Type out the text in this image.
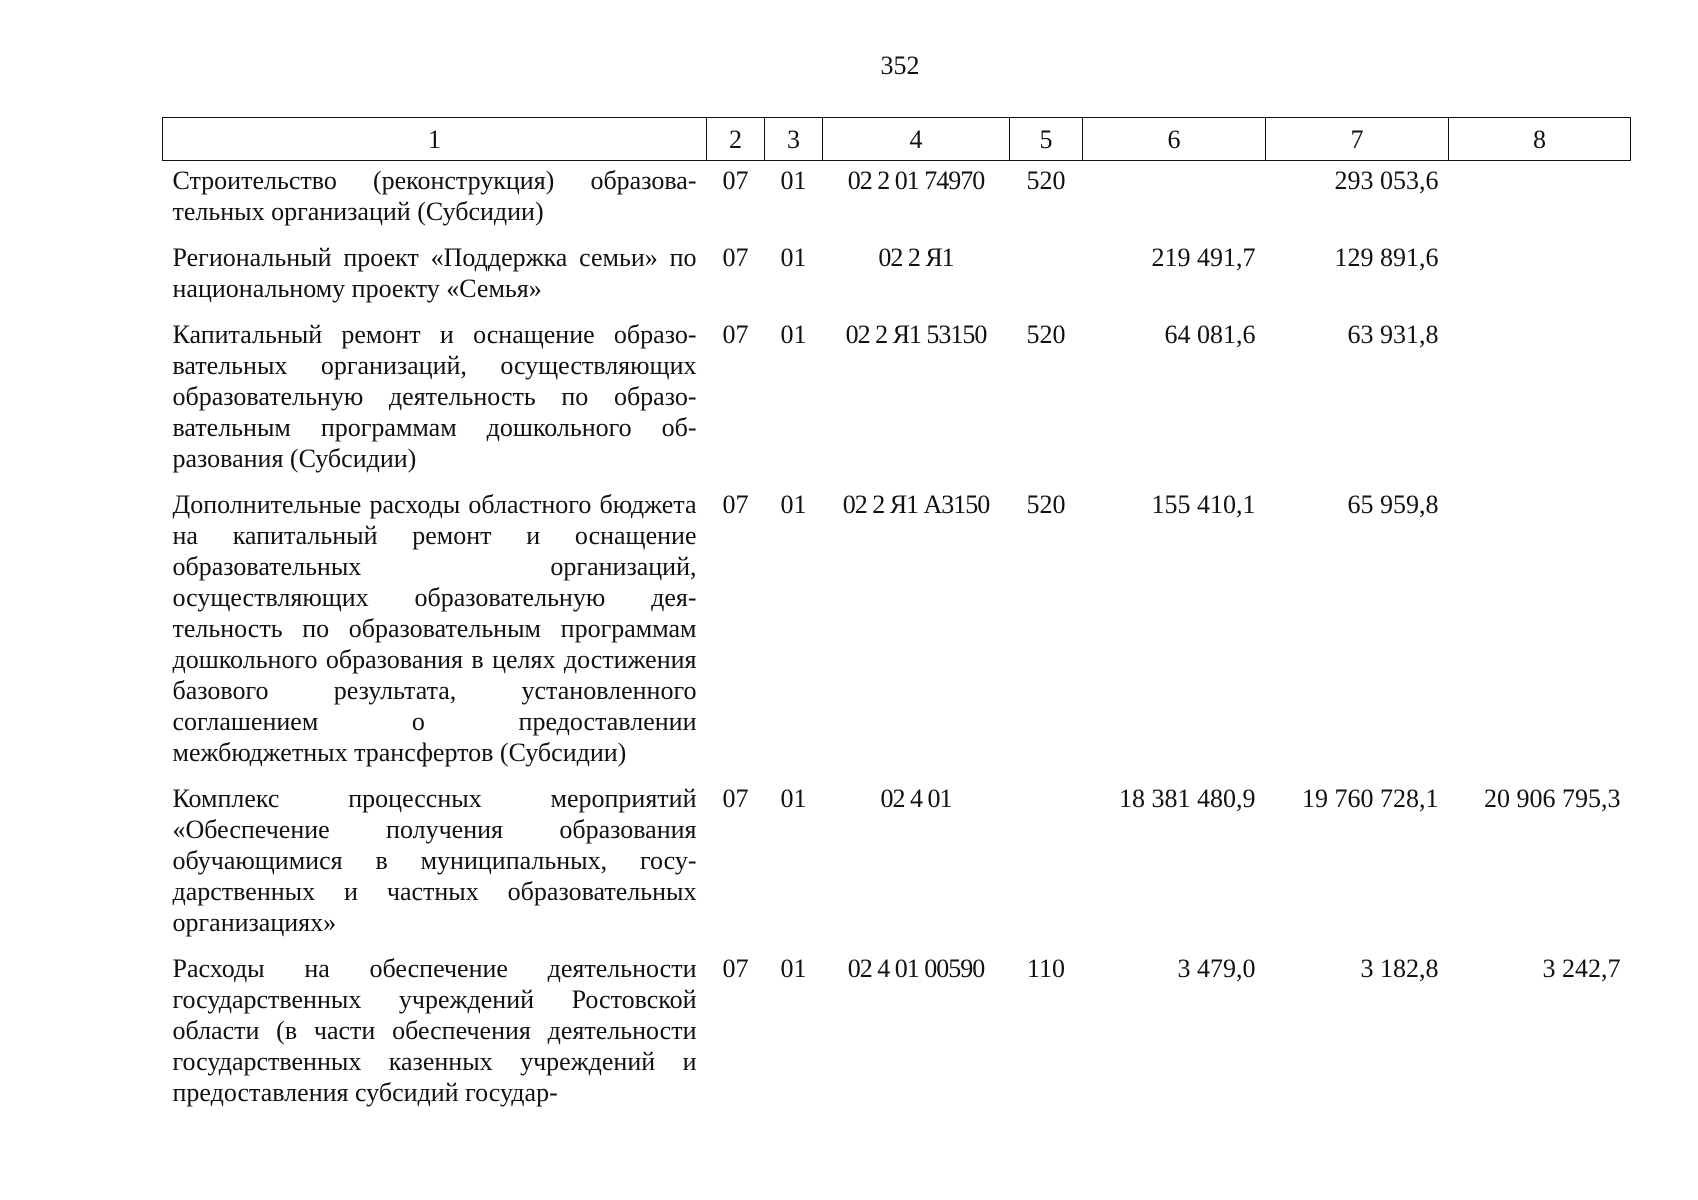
352
1	2	3	4	5	6	7	8
Строительство (реконструкция) образовательных организаций (Субсидии)	07	01	02 2 01 74970	520		293 053,6	
Региональный проект «Поддержка семьи» по национальному проекту «Семья»	07	01	02 2 Я1		219 491,7	129 891,6	
Капитальный ремонт и оснащение образовательных организаций, осуществляющих образовательную деятельность по образовательным программам дошкольного образования (Субсидии)	07	01	02 2 Я1 53150	520	64 081,6	63 931,8	
Дополнительные расходы областного бюджета на капитальный ремонт и оснащение образовательных организаций, осуществляющих образовательную деятельность по образовательным программам дошкольного образования в целях достижения базового результата, установленного соглашением о предоставлении межбюджетных трансфертов (Субсидии)	07	01	02 2 Я1 А3150	520	155 410,1	65 959,8	
Комплекс процессных мероприятий «Обеспечение получения образования обучающимися в муниципальных, государственных и частных образовательных организациях»	07	01	02 4 01		18 381 480,9	19 760 728,1	20 906 795,3
Расходы на обеспечение деятельности государственных учреждений Ростовской области (в части обеспечения деятельности государственных казенных учреждений и предоставления субсидий государ-	07	01	02 4 01 00590	110	3 479,0	3 182,8	3 242,7
